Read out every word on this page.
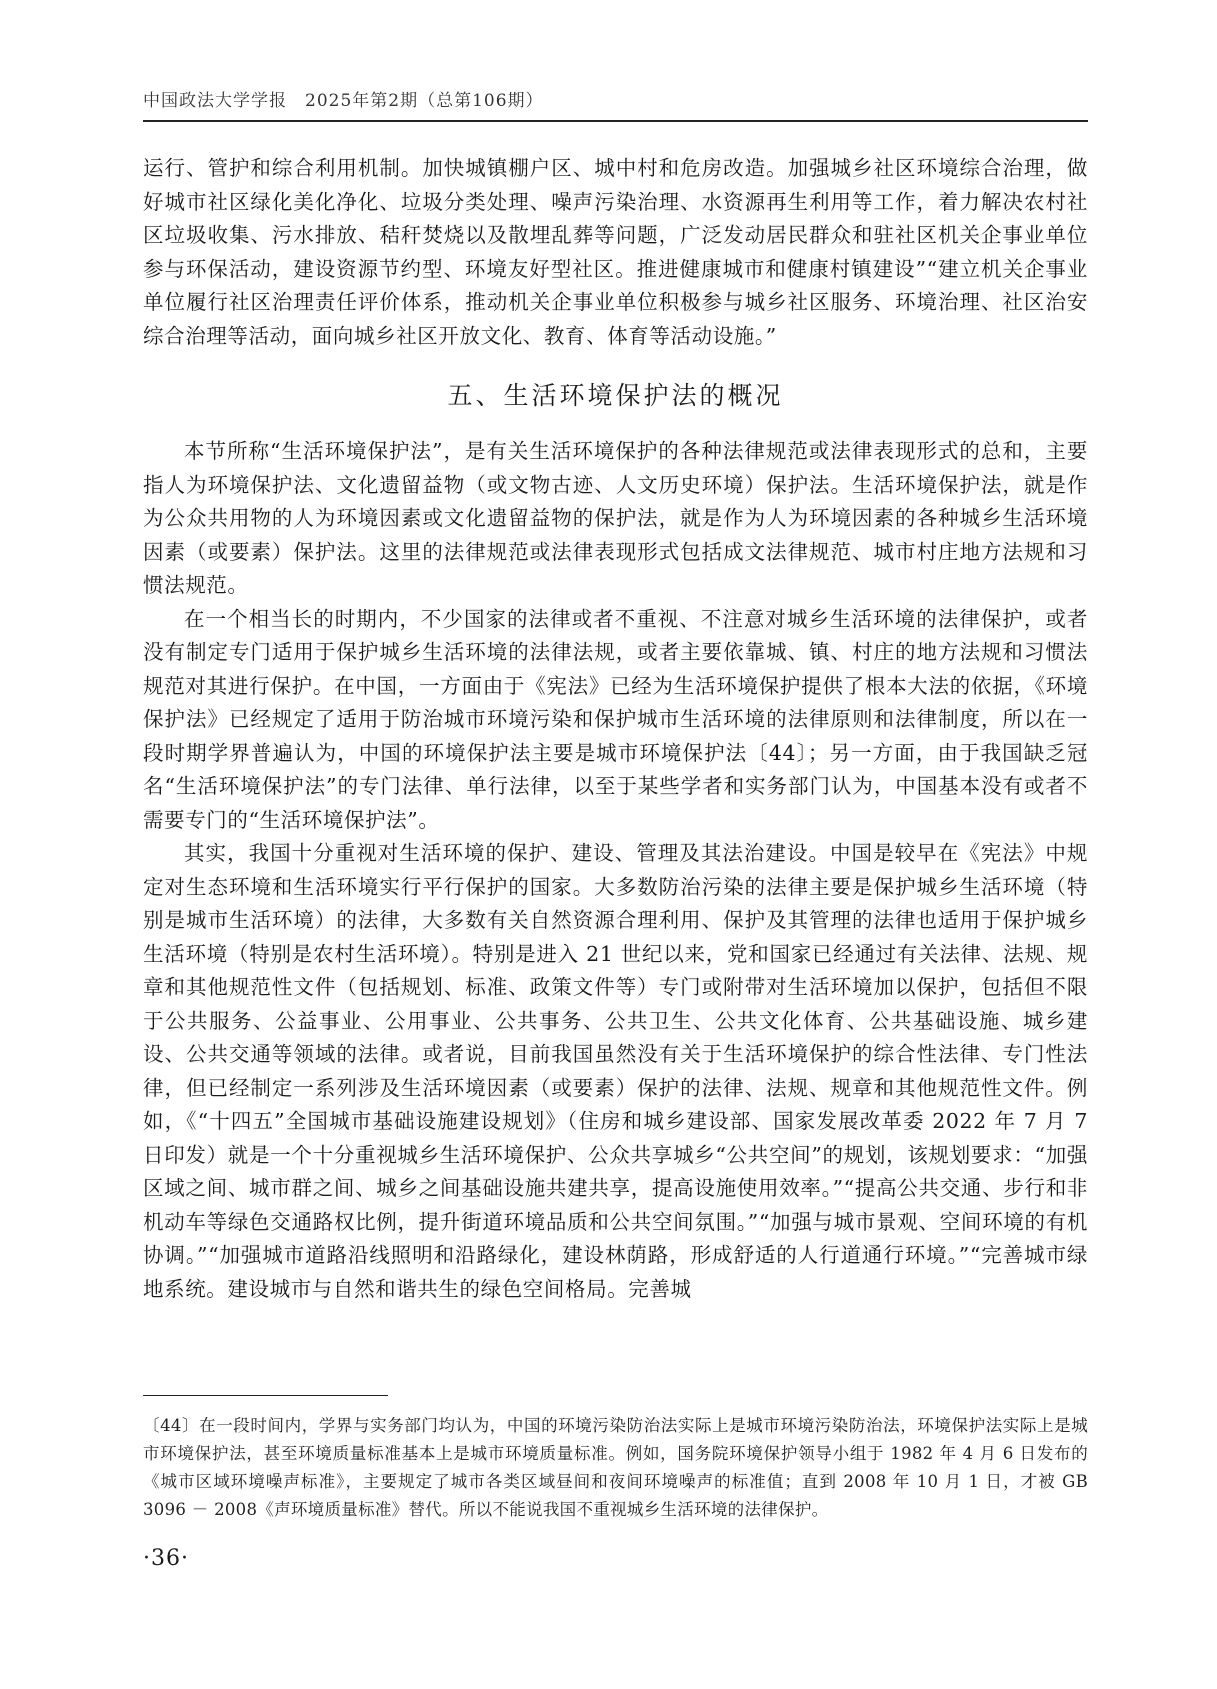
中国政法大学学报　2025年第2期（总第106期）

运行、管护和综合利用机制。加快城镇棚户区、城中村和危房改造。加强城乡社区环境综合治理，做好城市社区绿化美化净化、垃圾分类处理、噪声污染治理、水资源再生利用等工作，着力解决农村社区垃圾收集、污水排放、秸秆焚烧以及散埋乱葬等问题，广泛发动居民群众和驻社区机关企事业单位参与环保活动，建设资源节约型、环境友好型社区。推进健康城市和健康村镇建设”“建立机关企事业单位履行社区治理责任评价体系，推动机关企事业单位积极参与城乡社区服务、环境治理、社区治安综合治理等活动，面向城乡社区开放文化、教育、体育等活动设施。”

五、生活环境保护法的概况

本节所称“生活环境保护法”，是有关生活环境保护的各种法律规范或法律表现形式的总和，主要指人为环境保护法、文化遗留益物（或文物古迹、人文历史环境）保护法。生活环境保护法，就是作为公众共用物的人为环境因素或文化遗留益物的保护法，就是作为人为环境因素的各种城乡生活环境因素（或要素）保护法。这里的法律规范或法律表现形式包括成文法律规范、城市村庄地方法规和习惯法规范。

在一个相当长的时期内，不少国家的法律或者不重视、不注意对城乡生活环境的法律保护，或者没有制定专门适用于保护城乡生活环境的法律法规，或者主要依靠城、镇、村庄的地方法规和习惯法规范对其进行保护。在中国，一方面由于《宪法》已经为生活环境保护提供了根本大法的依据，《环境保护法》已经规定了适用于防治城市环境污染和保护城市生活环境的法律原则和法律制度，所以在一段时期学界普遍认为，中国的环境保护法主要是城市环境保护法〔44〕；另一方面，由于我国缺乏冠名“生活环境保护法”的专门法律、单行法律，以至于某些学者和实务部门认为，中国基本没有或者不需要专门的“生活环境保护法”。

其实，我国十分重视对生活环境的保护、建设、管理及其法治建设。中国是较早在《宪法》中规定对生态环境和生活环境实行平行保护的国家。大多数防治污染的法律主要是保护城乡生活环境（特别是城市生活环境）的法律，大多数有关自然资源合理利用、保护及其管理的法律也适用于保护城乡生活环境（特别是农村生活环境）。特别是进入 21 世纪以来，党和国家已经通过有关法律、法规、规章和其他规范性文件（包括规划、标准、政策文件等）专门或附带对生活环境加以保护，包括但不限于公共服务、公益事业、公用事业、公共事务、公共卫生、公共文化体育、公共基础设施、城乡建设、公共交通等领域的法律。或者说，目前我国虽然没有关于生活环境保护的综合性法律、专门性法律，但已经制定一系列涉及生活环境因素（或要素）保护的法律、法规、规章和其他规范性文件。例如，《“十四五”全国城市基础设施建设规划》（住房和城乡建设部、国家发展改革委 2022 年 7 月 7 日印发）就是一个十分重视城乡生活环境保护、公众共享城乡“公共空间”的规划，该规划要求：“加强区域之间、城市群之间、城乡之间基础设施共建共享，提高设施使用效率。”“提高公共交通、步行和非机动车等绿色交通路权比例，提升街道环境品质和公共空间氛围。”“加强与城市景观、空间环境的有机协调。”“加强城市道路沿线照明和沿路绿化，建设林荫路，形成舒适的人行道通行环境。”“完善城市绿地系统。建设城市与自然和谐共生的绿色空间格局。完善城

〔44〕在一段时间内，学界与实务部门均认为，中国的环境污染防治法实际上是城市环境污染防治法，环境保护法实际上是城市环境保护法，甚至环境质量标准基本上是城市环境质量标准。例如，国务院环境保护领导小组于 1982 年 4 月 6 日发布的《城市区域环境噪声标准》，主要规定了城市各类区域昼间和夜间环境噪声的标准值；直到 2008 年 10 月 1 日，才被 GB 3096 － 2008《声环境质量标准》替代。所以不能说我国不重视城乡生活环境的法律保护。

·36·
